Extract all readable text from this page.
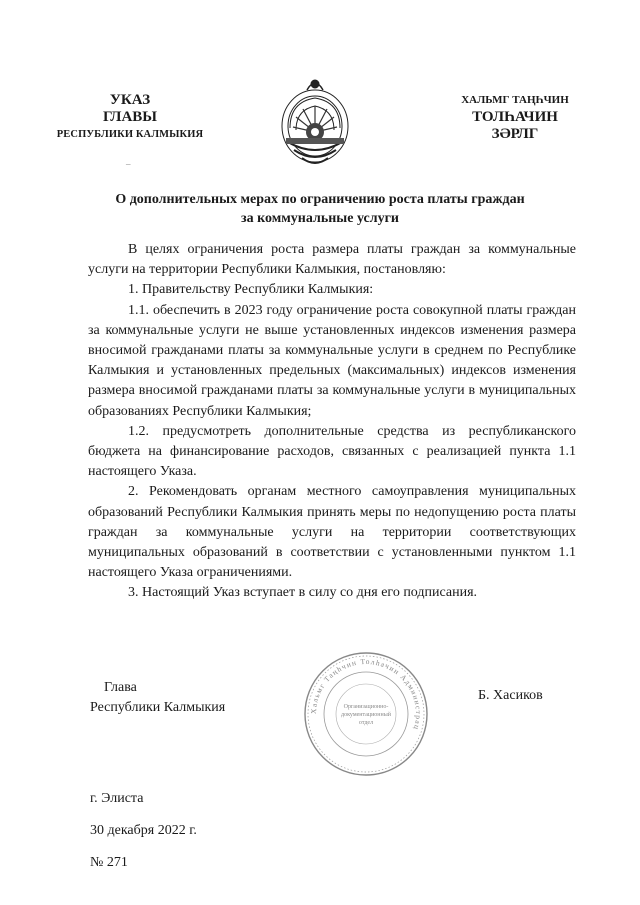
УКАЗ
ГЛАВЫ
РЕСПУБЛИКИ КАЛМЫКИЯ
ХАЛЬМГ ТАҢҺЧИН
ТОЛҺАЧИН
ЗӘРЛГ
¯
О дополнительных мерах по ограничению роста платы граждан
за коммунальные услуги

В целях ограничения роста размера платы граждан за коммунальные услуги на территории Республики Калмыкия, постановляю:

1. Правительству Республики Калмыкия:

1.1. обеспечить в 2023 году ограничение роста совокупной платы граждан за коммунальные услуги не выше установленных индексов изменения размера вносимой гражданами платы за коммунальные услуги в среднем по Республике Калмыкия и установленных предельных (максимальных) индексов изменения размера вносимой гражданами платы за коммунальные услуги в муниципальных образованиях Республики Калмыкия;

1.2. предусмотреть дополнительные средства из республиканского бюджета на финансирование расходов, связанных с реализацией пункта 1.1 настоящего Указа.

2. Рекомендовать органам местного самоуправления муниципальных образований Республики Калмыкия принять меры по недопущению роста платы граждан за коммунальные услуги на территории соответствующих муниципальных образований в соответствии с установленными пунктом 1.1 настоящего Указа ограничениями.

3. Настоящий Указ вступает в силу со дня его подписания.

Глава
Республики Калмыкия	Хальмг Таңһчин Толһачин Администрац
Организационно-
документационный
отдел
Б. Хасиков
г. Элиста
30 декабря 2022 г.
№ 271
